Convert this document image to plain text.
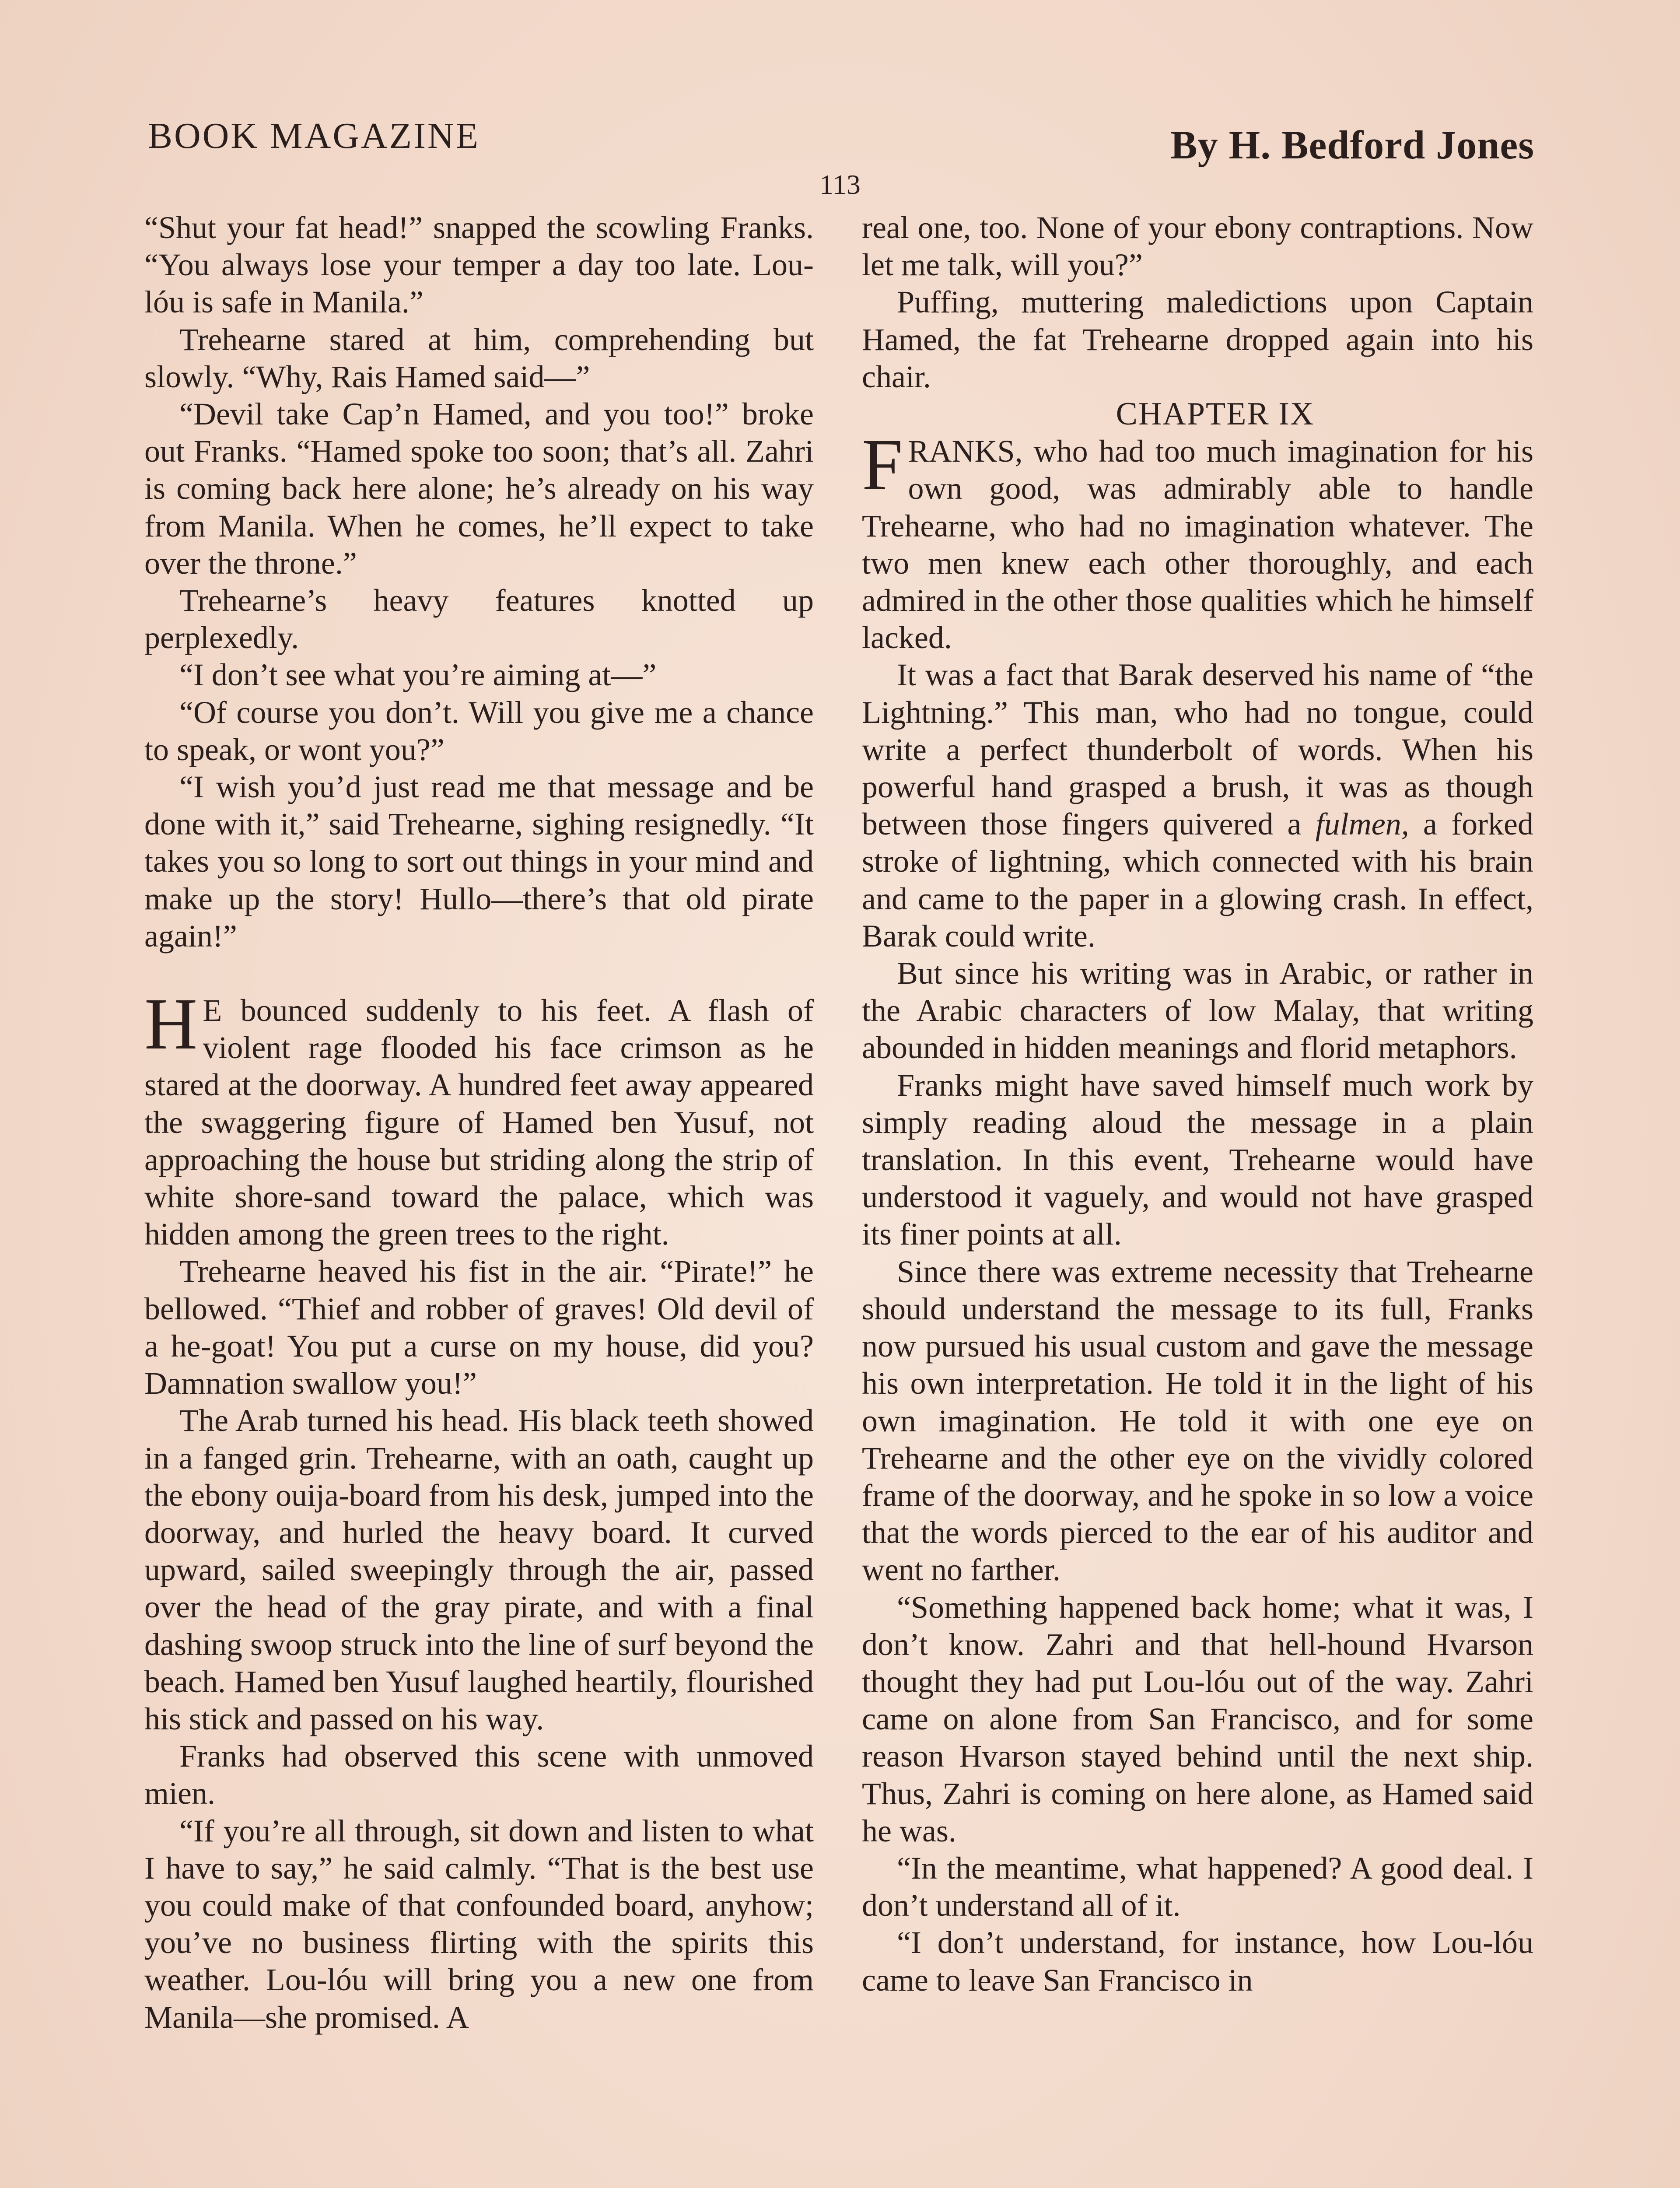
BOOK MAGAZINE	By H. Bedford Jones
113

“Shut your fat head!” snapped the scowling Franks. “You always lose your temper a day too late. Lou-lóu is safe in Manila.”

Trehearne stared at him, comprehending but slowly. “Why, Rais Hamed said—”

“Devil take Cap’n Hamed, and you too!” broke out Franks. “Hamed spoke too soon; that’s all. Zahri is coming back here alone; he’s already on his way from Manila. When he comes, he’ll expect to take over the throne.”

Trehearne’s heavy features knotted up perplexedly.

“I don’t see what you’re aiming at—”

“Of course you don’t. Will you give me a chance to speak, or wont you?”

“I wish you’d just read me that message and be done with it,” said Trehearne, sighing resignedly. “It takes you so long to sort out things in your mind and make up the story! Hullo—there’s that old pirate again!”

H E bounced suddenly to his feet. A flash of violent rage flooded his face crimson as he stared at the doorway. A hundred feet away appeared the swaggering figure of Hamed ben Yusuf, not approaching the house but striding along the strip of white shore-sand toward the palace, which was hidden among the green trees to the right.

Trehearne heaved his fist in the air. “Pirate!” he bellowed. “Thief and robber of graves! Old devil of a he-goat! You put a curse on my house, did you? Damnation swallow you!”

The Arab turned his head. His black teeth showed in a fanged grin. Trehearne, with an oath, caught up the ebony ouija-board from his desk, jumped into the doorway, and hurled the heavy board. It curved upward, sailed sweepingly through the air, passed over the head of the gray pirate, and with a final dashing swoop struck into the line of surf beyond the beach. Hamed ben Yusuf laughed heartily, flourished his stick and passed on his way.

Franks had observed this scene with unmoved mien.

“If you’re all through, sit down and listen to what I have to say,” he said calmly. “That is the best use you could make of that confounded board, anyhow; you’ve no business flirting with the spirits this weather. Lou-lóu will bring you a new one from Manila—she promised. A

real one, too. None of your ebony contraptions. Now let me talk, will you?”

Puffing, muttering maledictions upon Captain Hamed, the fat Trehearne dropped again into his chair.

CHAPTER IX

FRANKS, who had too much imagination for his own good, was admirably able to handle Trehearne, who had no imagination whatever. The two men knew each other thoroughly, and each admired in the other those qualities which he himself lacked.

It was a fact that Barak deserved his name of “the Lightning.” This man, who had no tongue, could write a perfect thunderbolt of words. When his powerful hand grasped a brush, it was as though between those fingers quivered a fulmen, a forked stroke of lightning, which connected with his brain and came to the paper in a glowing crash. In effect, Barak could write.

But since his writing was in Arabic, or rather in the Arabic characters of low Malay, that writing abounded in hidden meanings and florid metaphors.

Franks might have saved himself much work by simply reading aloud the message in a plain translation. In this event, Trehearne would have understood it vaguely, and would not have grasped its finer points at all.

Since there was extreme necessity that Trehearne should understand the message to its full, Franks now pursued his usual custom and gave the message his own interpretation. He told it in the light of his own imagination. He told it with one eye on Trehearne and the other eye on the vividly colored frame of the doorway, and he spoke in so low a voice that the words pierced to the ear of his auditor and went no farther.

“Something happened back home; what it was, I don’t know. Zahri and that hell-hound Hvarson thought they had put Lou-lóu out of the way. Zahri came on alone from San Francisco, and for some reason Hvarson stayed behind until the next ship. Thus, Zahri is coming on here alone, as Hamed said he was.

“In the meantime, what happened? A good deal. I don’t understand all of it.

“I don’t understand, for instance, how Lou-lóu came to leave San Francisco in
